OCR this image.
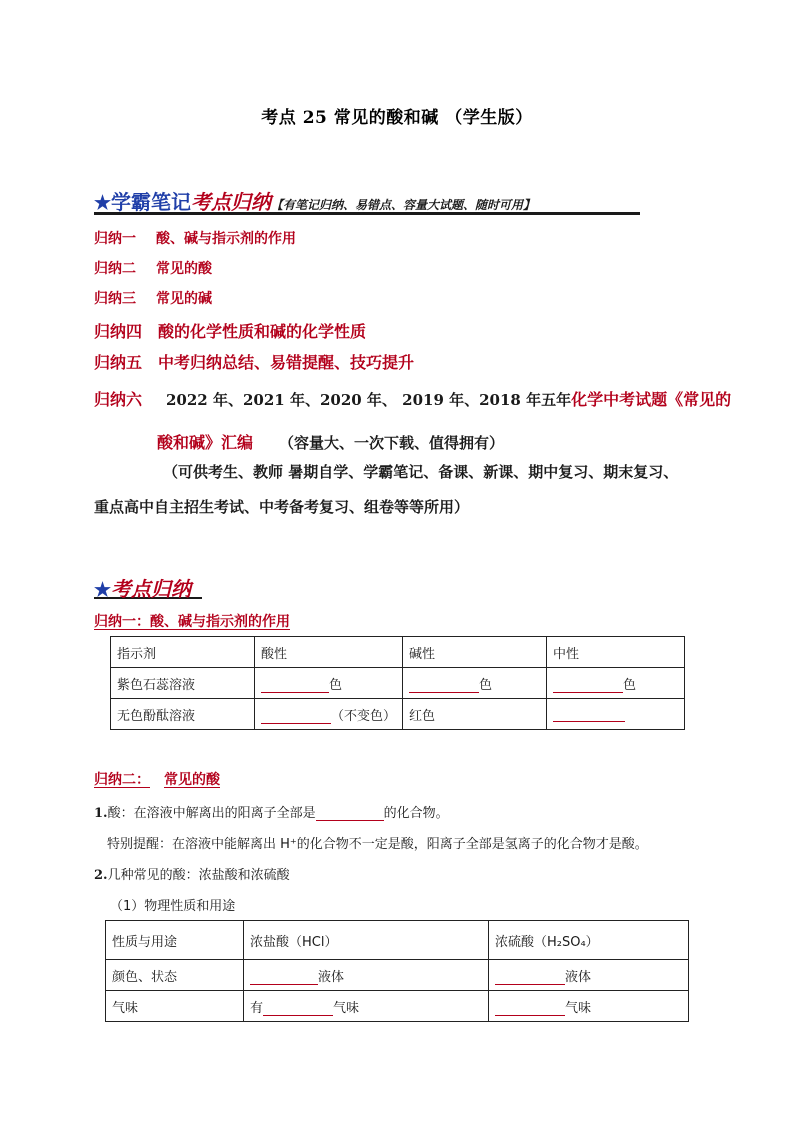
考点 25 常见的酸和碱 （学生版）
★学霸笔记考点归纳【有笔记归纳、易错点、容量大试题、随时可用】
归纳一 酸、碱与指示剂的作用
归纳二 常见的酸
归纳三 常见的碱
归纳四 酸的化学性质和碱的化学性质
归纳五 中考归纳总结、易错提醒、技巧提升
归纳六 2022 年、2021 年、2020 年、 2019 年、2018 年五年化学中考试题《常见的
酸和碱》汇编 （容量大、一次下载、值得拥有）
（可供考生、教师 暑期自学、学霸笔记、备课、新课、期中复习、期末复习、
重点高中自主招生考试、中考备考复习、组卷等等所用）
★考点归纳
归纳一：酸、碱与指示剂的作用
指示剂	酸性	碱性	中性
紫色石蕊溶液	色	色	色
无色酚酞溶液	（不变色）	红色	
归纳二： 常见的酸
1.酸：在溶液中解离出的阳离子全部是	的化合物。
特别提醒：在溶液中能解离出 H⁺的化合物不一定是酸，阳离子全部是氢离子的化合物才是酸。
2.几种常见的酸：浓盐酸和浓硫酸
（1）物理性质和用途
性质与用途	浓盐酸（HCl）	浓硫酸（H₂SO₄）
颜色、状态	液体	液体
气味	有 气味	气味
